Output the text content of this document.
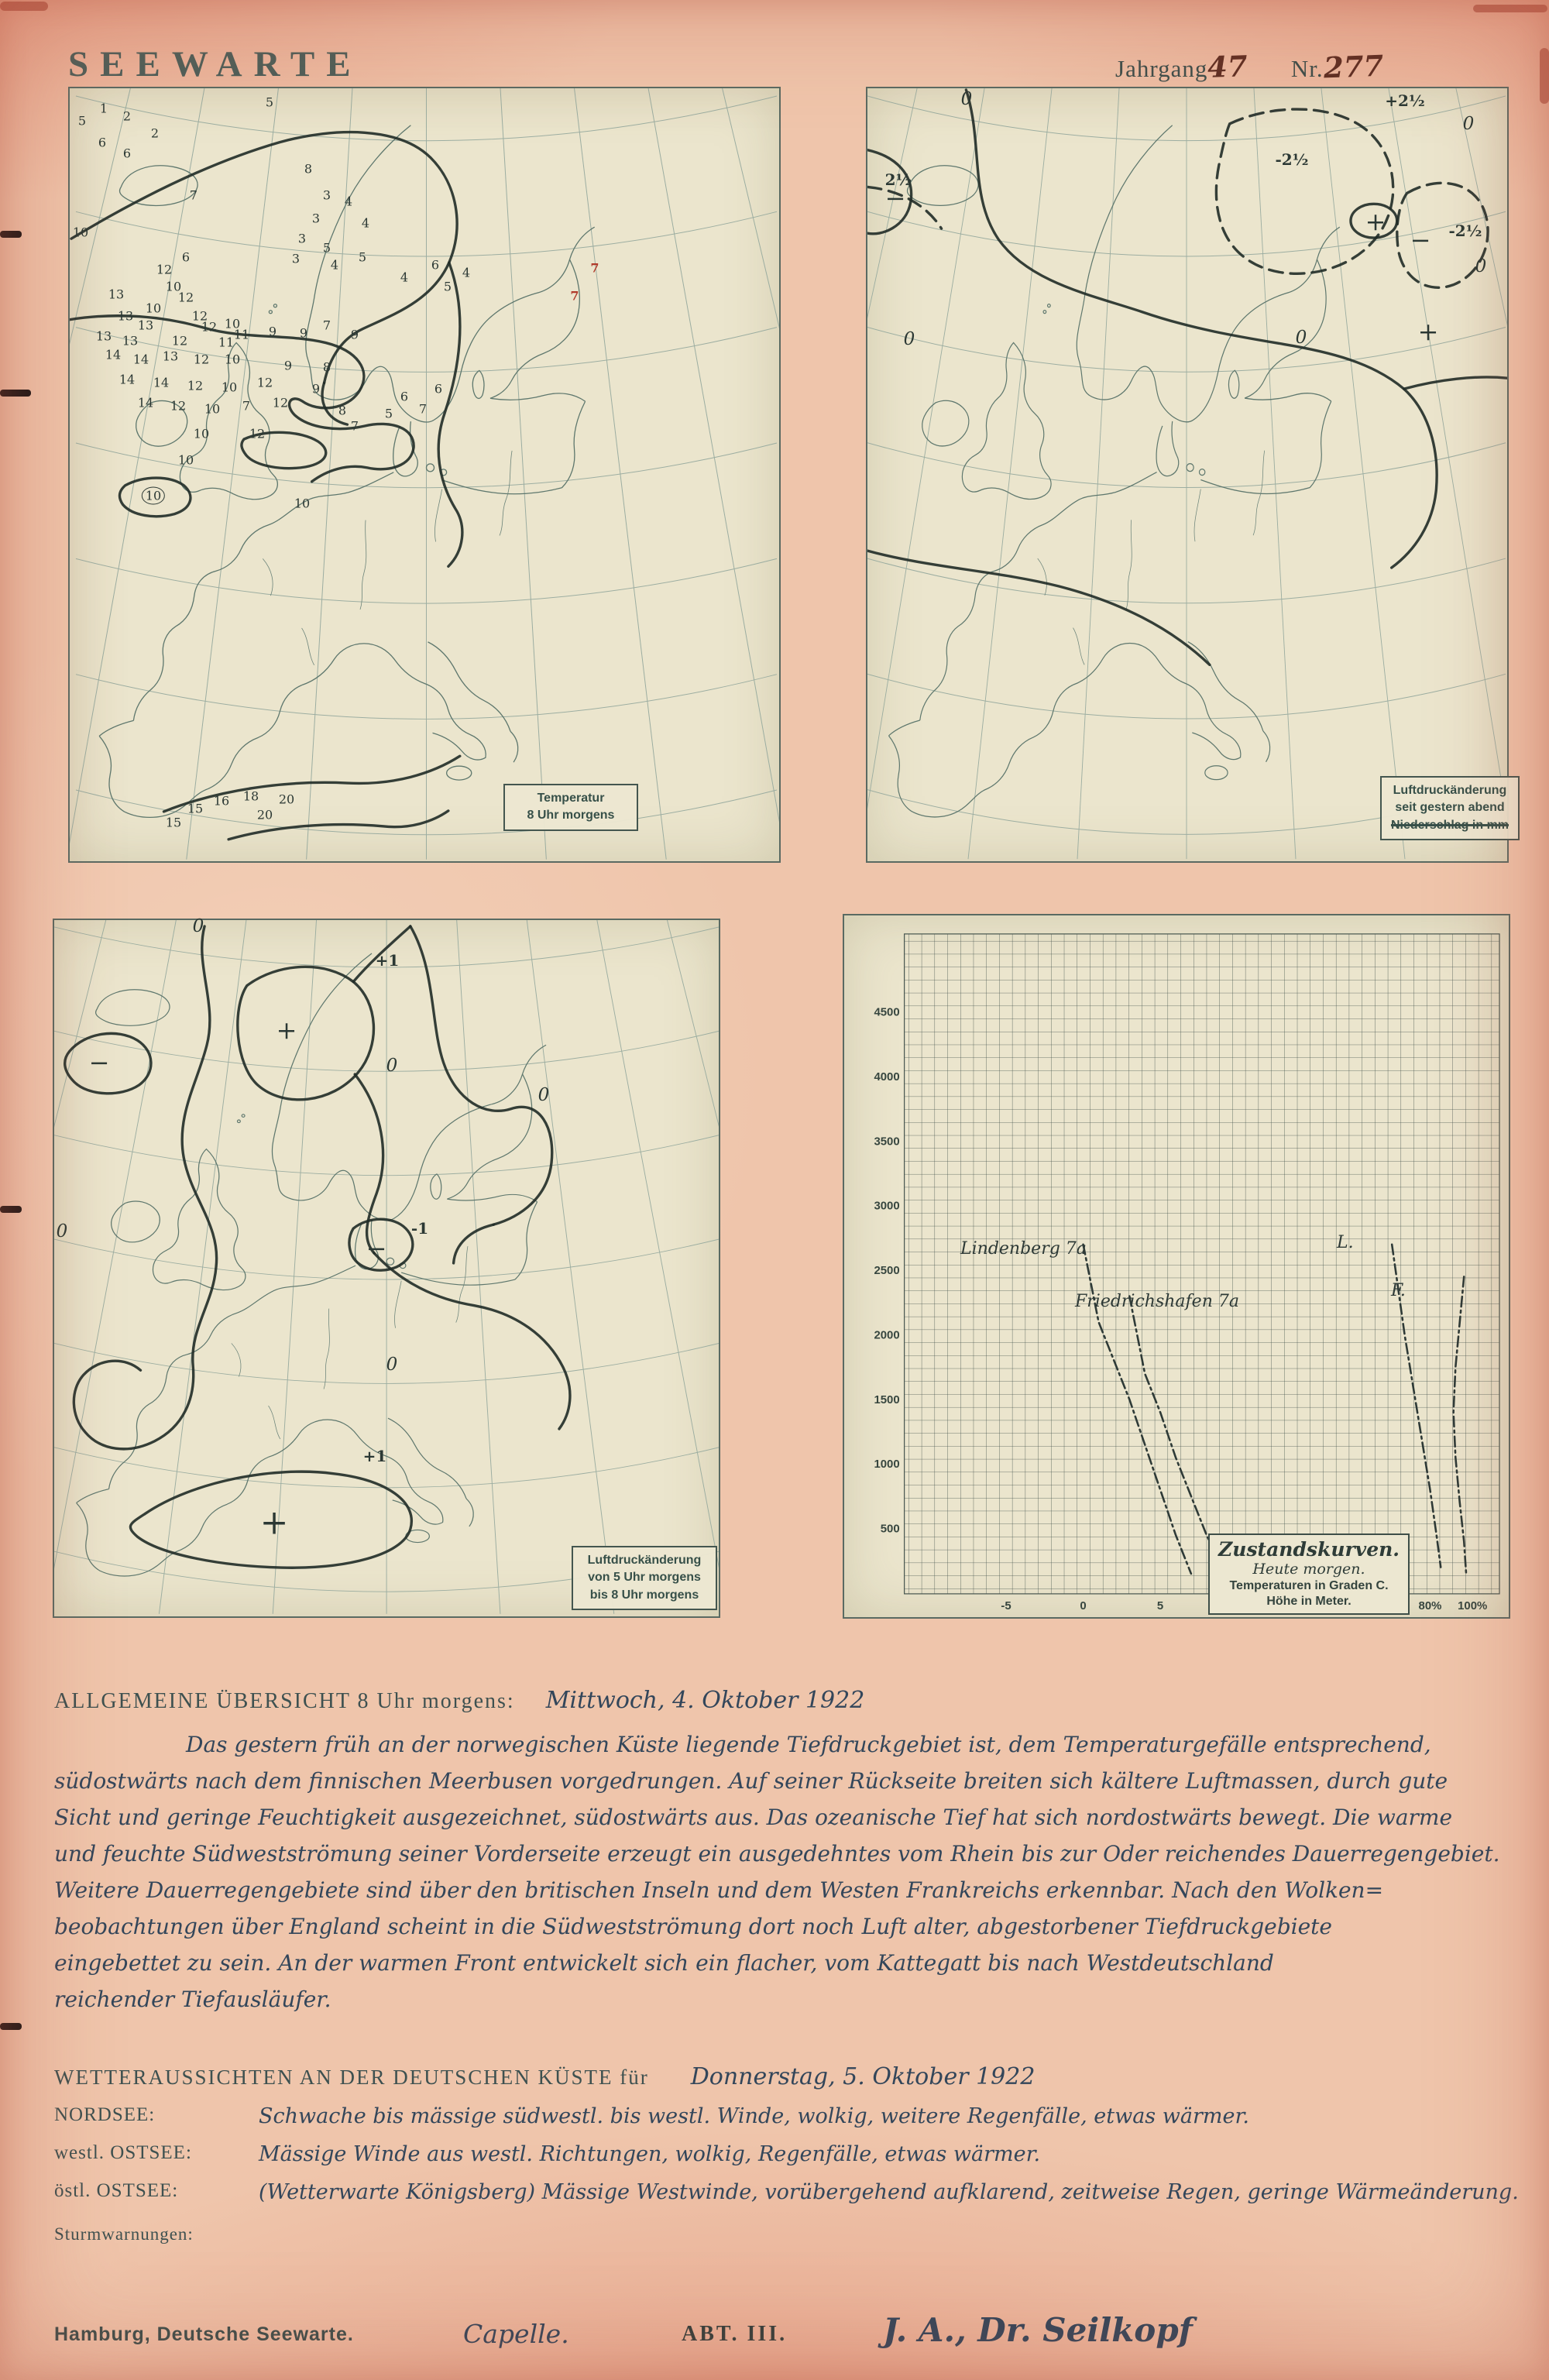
SEEWARTE	Jahrgang47 Nr.277
5
1
2
2
6
6
5
8
3 4
3	4
7
10	3
5
3 4
5
6
12
4
6
4
5
10
13	12
10
13	12
13	12 10
11 9 9
7
9
7
7
13 13	12 11
14 14 13 12 10	9 8
6
6
14 14 12 10 12	9
14 12 10 7 12
8	5 7
10	12
7
10
10
10
15
16 18 20
20
15
Temperatur
8 Uhr morgens
0
2½
−
-2½
+2½
+	-2½
−
0
0
0	+
0
Luftdruckänderung
seit gestern abend
Niederschlag in mm
0
−
+
+1
0
0	-1
−
0
0
+1
+
Luftdruckänderung
von 5 Uhr morgens
bis 8 Uhr morgens
500
1000
1500
2000
2500
3000
3500
4000
4500
-5	0	5	80% 100%
Lindenberg 7a
Friedrichshafen 7a
L.
F.
Zustandskurven.
Heute morgen.
Temperaturen in Graden C.
Höhe in Meter.
ALLGEMEINE ÜBERSICHT 8 Uhr morgens: Mittwoch, 4. Oktober 1922
Das gestern früh an der norwegischen Küste liegende Tiefdruckgebiet ist, dem Temperaturgefälle entsprechend,
südostwärts nach dem finnischen Meerbusen vorgedrungen. Auf seiner Rückseite breiten sich kältere Luftmassen, durch gute
Sicht und geringe Feuchtigkeit ausgezeichnet, südostwärts aus. Das ozeanische Tief hat sich nordostwärts bewegt. Die warme
und feuchte Südwestströmung seiner Vorderseite erzeugt ein ausgedehntes vom Rhein bis zur Oder reichendes Dauerregengebiet.
Weitere Dauerregengebiete sind über den britischen Inseln und dem Westen Frankreichs erkennbar. Nach den Wolken=
beobachtungen über England scheint in die Südwestströmung dort noch Luft alter, abgestorbener Tiefdruckgebiete
eingebettet zu sein. An der warmen Front entwickelt sich ein flacher, vom Kattegatt bis nach Westdeutschland
reichender Tiefausläufer.
WETTERAUSSICHTEN AN DER DEUTSCHEN KÜSTE für Donnerstag, 5. Oktober 1922
NORDSEE:	Schwache bis mässige südwestl. bis westl. Winde, wolkig, weitere Regenfälle, etwas wärmer.
westl. OSTSEE:	Mässige Winde aus westl. Richtungen, wolkig, Regenfälle, etwas wärmer.
östl. OSTSEE:	(Wetterwarte Königsberg) Mässige Westwinde, vorübergehend aufklarend, zeitweise Regen, geringe Wärmeänderung.
Sturmwarnungen:
Hamburg, Deutsche Seewarte.	Capelle.	ABT. III.	J. A., Dr. Seilkopf
